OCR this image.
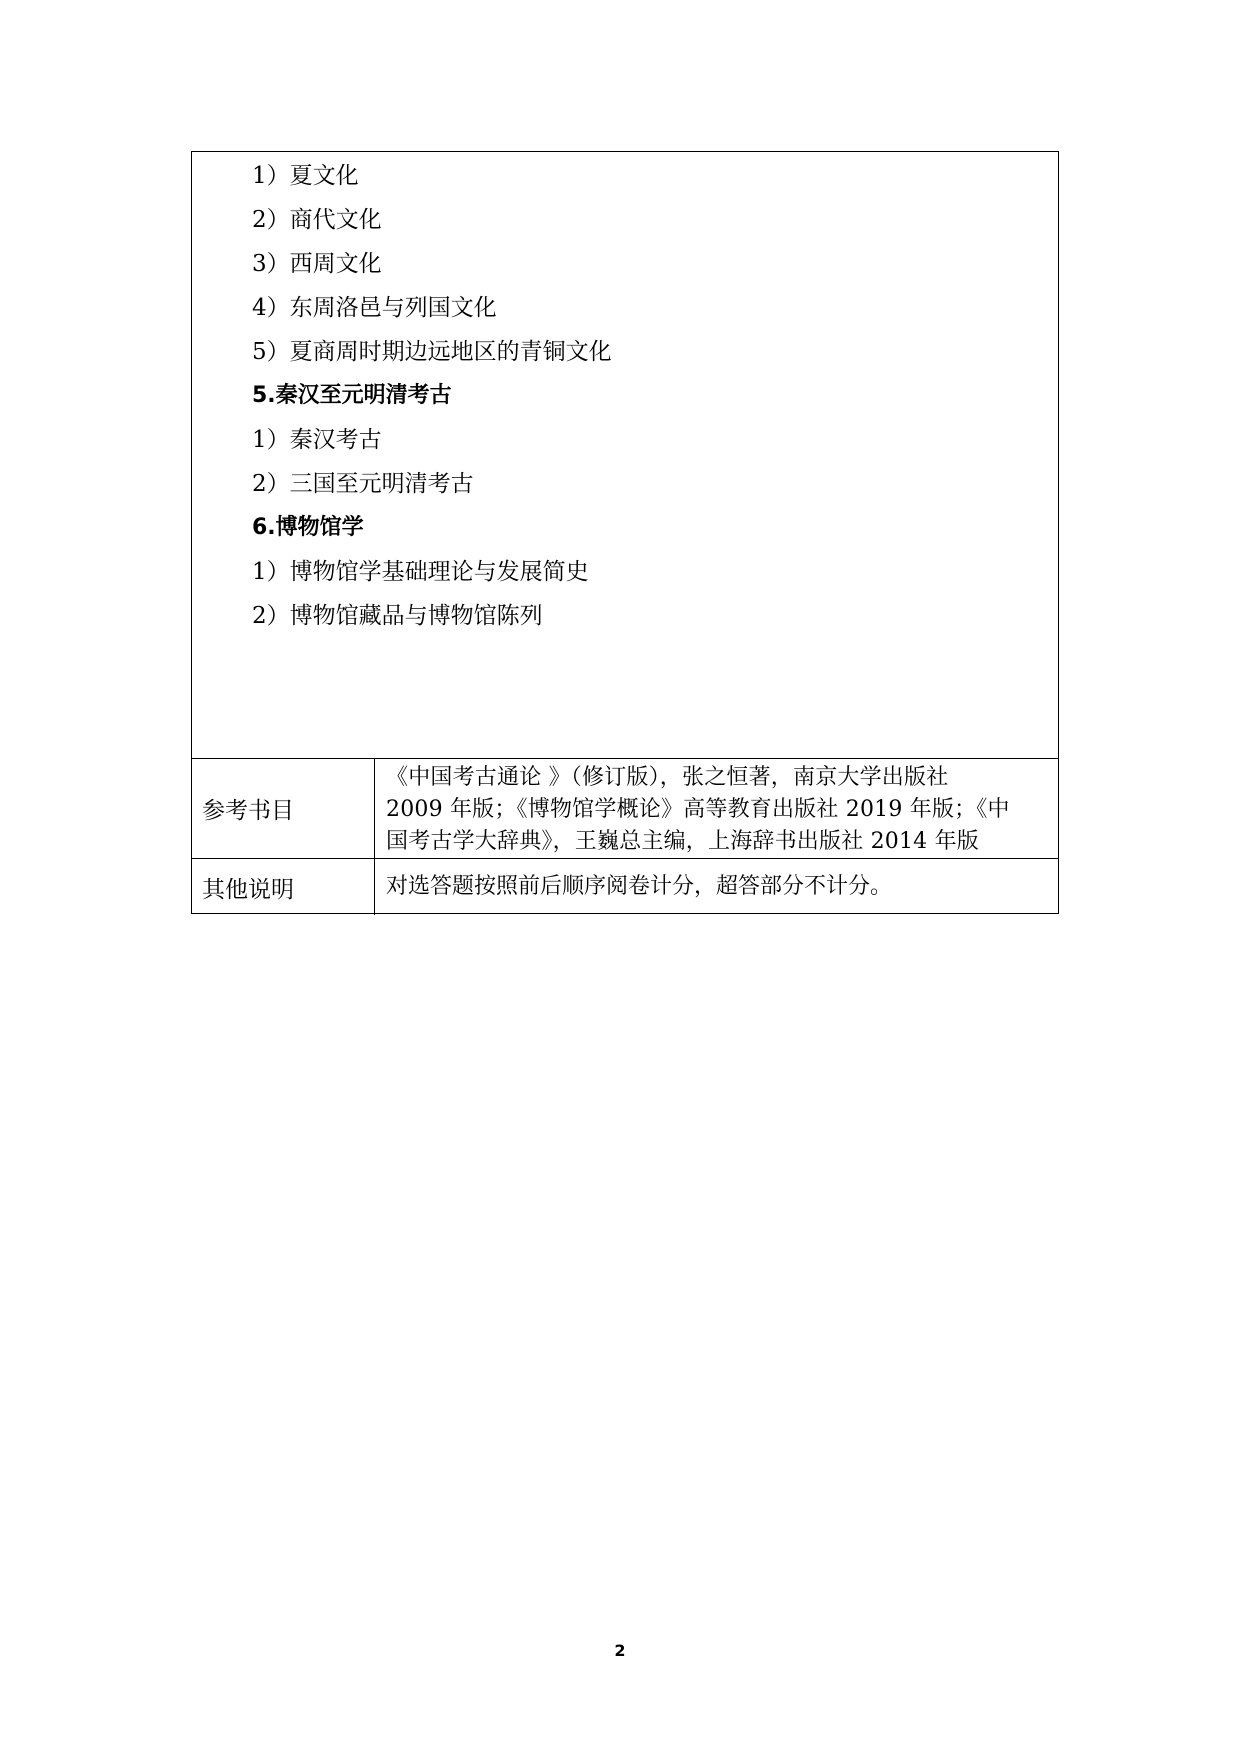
1）夏文化
2）商代文化
3）西周文化
4）东周洛邑与列国文化
5）夏商周时期边远地区的青铜文化
5.秦汉至元明清考古
1）秦汉考古
2）三国至元明清考古
6.博物馆学
1）博物馆学基础理论与发展简史
2）博物馆藏品与博物馆陈列
参考书目
《中国考古通论 》（修订版），张之恒著，南京大学出版社
2009 年版；《博物馆学概论》高等教育出版社 2019 年版；《中
国考古学大辞典》，王巍总主编，上海辞书出版社 2014 年版
其他说明	对选答题按照前后顺序阅卷计分，超答部分不计分。
2
